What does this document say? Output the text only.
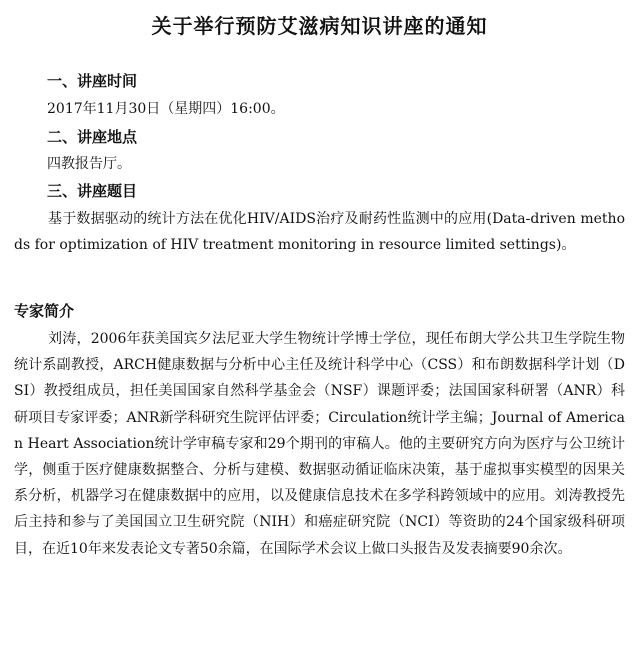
关于举行预防艾滋病知识讲座的通知
一、讲座时间
2017年11月30日（星期四）16:00。
二、讲座地点
四教报告厅。
三、讲座题目

基于数据驱动的统计方法在优化HIV/AIDS治疗及耐药性监测中的应用(Data-driven methods for optimization of HIV treatment monitoring in resource limited settings)。

专家简介

刘涛，2006年获美国宾夕法尼亚大学生物统计学博士学位，现任布朗大学公共卫生学院生物统计系副教授，ARCH健康数据与分析中心主任及统计科学中心（CSS）和布朗数据科学计划（DSI）教授组成员，担任美国国家自然科学基金会（NSF）课题评委；法国国家科研署（ANR）科研项目专家评委；ANR新学科研究生院评估评委；Circulation统计学主编；Journal of American Heart Association统计学审稿专家和29个期刊的审稿人。他的主要研究方向为医疗与公卫统计学，侧重于医疗健康数据整合、分析与建模、数据驱动循证临床决策，基于虚拟事实模型的因果关系分析，机器学习在健康数据中的应用，以及健康信息技术在多学科跨领域中的应用。刘涛教授先后主持和参与了美国国立卫生研究院（NIH）和癌症研究院（NCI）等资助的24个国家级科研项目，在近10年来发表论文专著50余篇，在国际学术会议上做口头报告及发表摘要90余次。
